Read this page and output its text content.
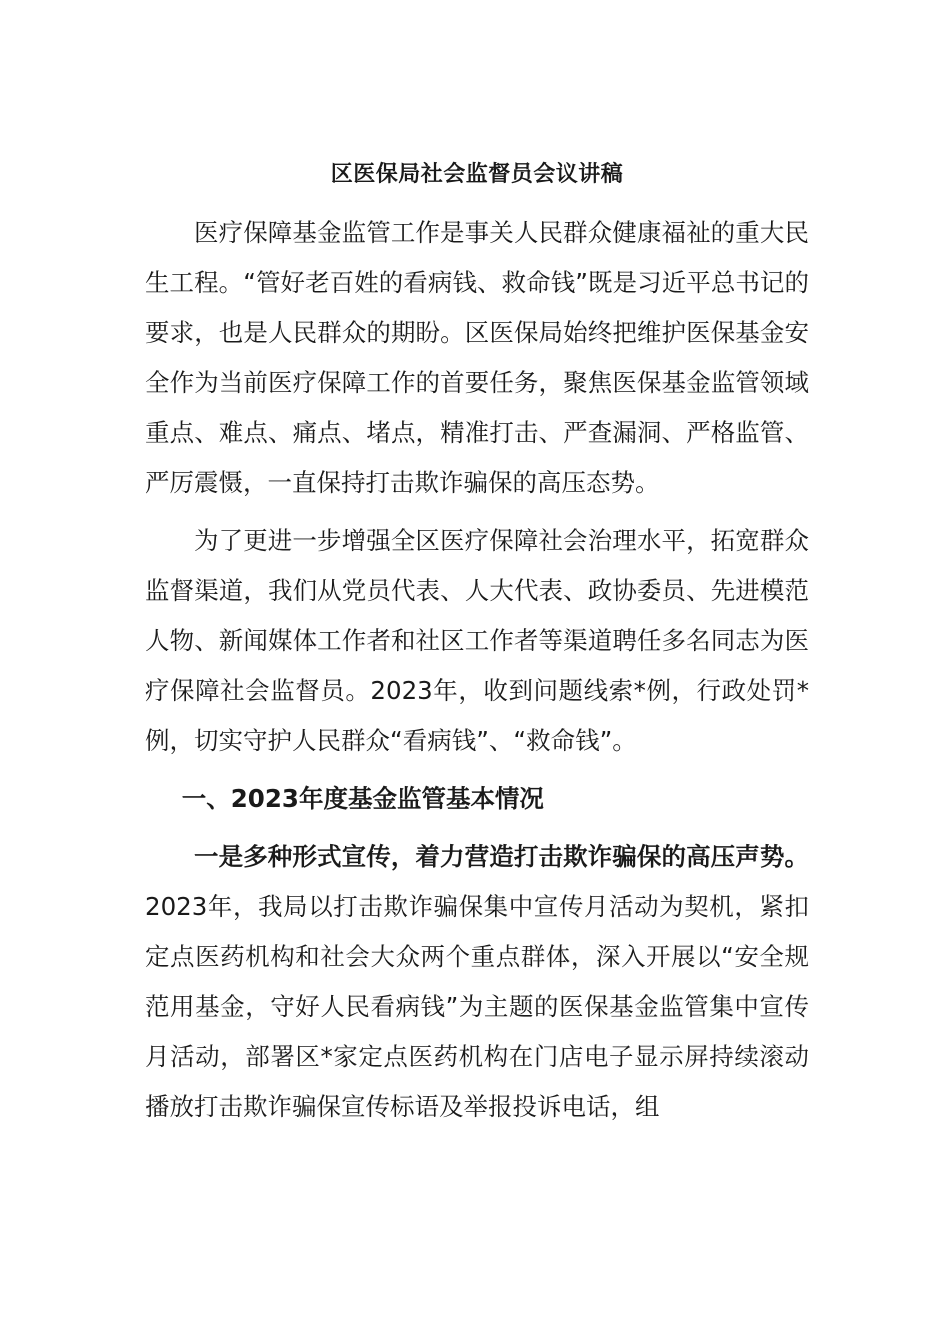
区医保局社会监督员会议讲稿

医疗保障基金监管工作是事关人民群众健康福祉的重大民生工程。“管好老百姓的看病钱、救命钱”既是习近平总书记的要求，也是人民群众的期盼。区医保局始终把维护医保基金安全作为当前医疗保障工作的首要任务，聚焦医保基金监管领域重点、难点、痛点、堵点，精准打击、严查漏洞、严格监管、严厉震慑，一直保持打击欺诈骗保的高压态势。

为了更进一步增强全区医疗保障社会治理水平，拓宽群众监督渠道，我们从党员代表、人大代表、政协委员、先进模范人物、新闻媒体工作者和社区工作者等渠道聘任多名同志为医疗保障社会监督员。2023年，收到问题线索*例，行政处罚*例，切实守护人民群众“看病钱”、“救命钱”。

一、2023年度基金监管基本情况

一是多种形式宣传，着力营造打击欺诈骗保的高压声势。2023年，我局以打击欺诈骗保集中宣传月活动为契机，紧扣定点医药机构和社会大众两个重点群体，深入开展以“安全规范用基金，守好人民看病钱”为主题的医保基金监管集中宣传月活动，部署区*家定点医药机构在门店电子显示屏持续滚动播放打击欺诈骗保宣传标语及举报投诉电话，组
